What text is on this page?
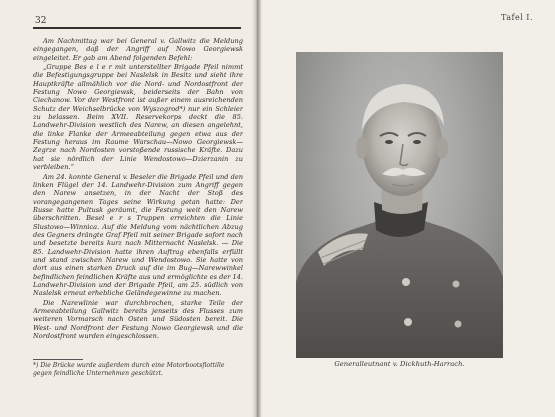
32

Am Nachmittag war bei General v. Gallwitz die Meldung eingegangen, daß der Angriff auf Nowo Georgiewsk eingeleitet. Er gab am Abend folgenden Befehl:

„Gruppe Bes e l e r mit unterstellter Brigade Pfeil nimmt die Befestigungsgruppe bei Naslelsk in Besitz und sieht ihre Hauptkräfte allmählich vor die Nord- und Nordostfront der Festung Nowo Georgiewsk, beiderseits der Bahn von Ciechanow. Vor der Westfront ist außer einem ausreichenden Schutz der Weichselbrücke von Wyszogrod*) nur ein Schleier zu belassen. Beim XVII. Reservekorps deckt die 85. Landwehr-Division westlich des Narew, an diesen angelehnt, die linke Flanke der Armeeabteilung gegen etwa aus der Festung heraus im Raume Warschau—Nowo Georgiewsk—Zegrze nach Nordosten vorstoßende russische Kräfte. Dazu hat sie nördlich der Linie Wendostowo—Dzierzanin zu verbleiben.“

Am 24. konnte General v. Beseler die Brigade Pfeil und den linken Flügel der 14. Landwehr-Division zum Angriff gegen den Narew ansetzen, in der Nacht der Stoß des vorangegangenen Tages seine Wirkung getan hatte: Der Russe hatte Pultusk geräumt, die Festung weit den Narew überschritten. Besel e r s Truppen erreichten die Linie Slustowo—Winnica. Auf die Meldung vom nächtlichen Abzug des Gegners drängte Graf Pfeil mit seiner Brigade sofort nach und besetzte bereits kurz nach Mitternacht Naslelsk. — Die 85. Landwehr-Division hatte ihren Auftrag ebenfalls erfüllt und stand zwischen Narew und Wendostowo. Sie hatte von dort aus einen starken Druck auf die im Bug—Narewwinkel befindlichen feindlichen Kräfte aus und ermöglichte es der 14. Landwehr-Division und der Brigade Pfeil, am 25. südlich von Naslelsk erneut erhebliche Geländegewinne zu machen.

Die Narewlinie war durchbrochen, starke Teile der Armeeabteilung Gallwitz bereits jenseits des Flusses zum weiteren Vormarsch nach Osten und Südosten bereit. Die West- und Nordfront der Festung Nowo Georgiewsk und die Nordostfront wurden eingeschlossen.

*) Die Brücke wurde außerdem durch eine Motorbootsflottille gegen feindliche Unternehmen geschützt.
Tafel I.
Generalleutnant v. Dickhuth-Harrach.
